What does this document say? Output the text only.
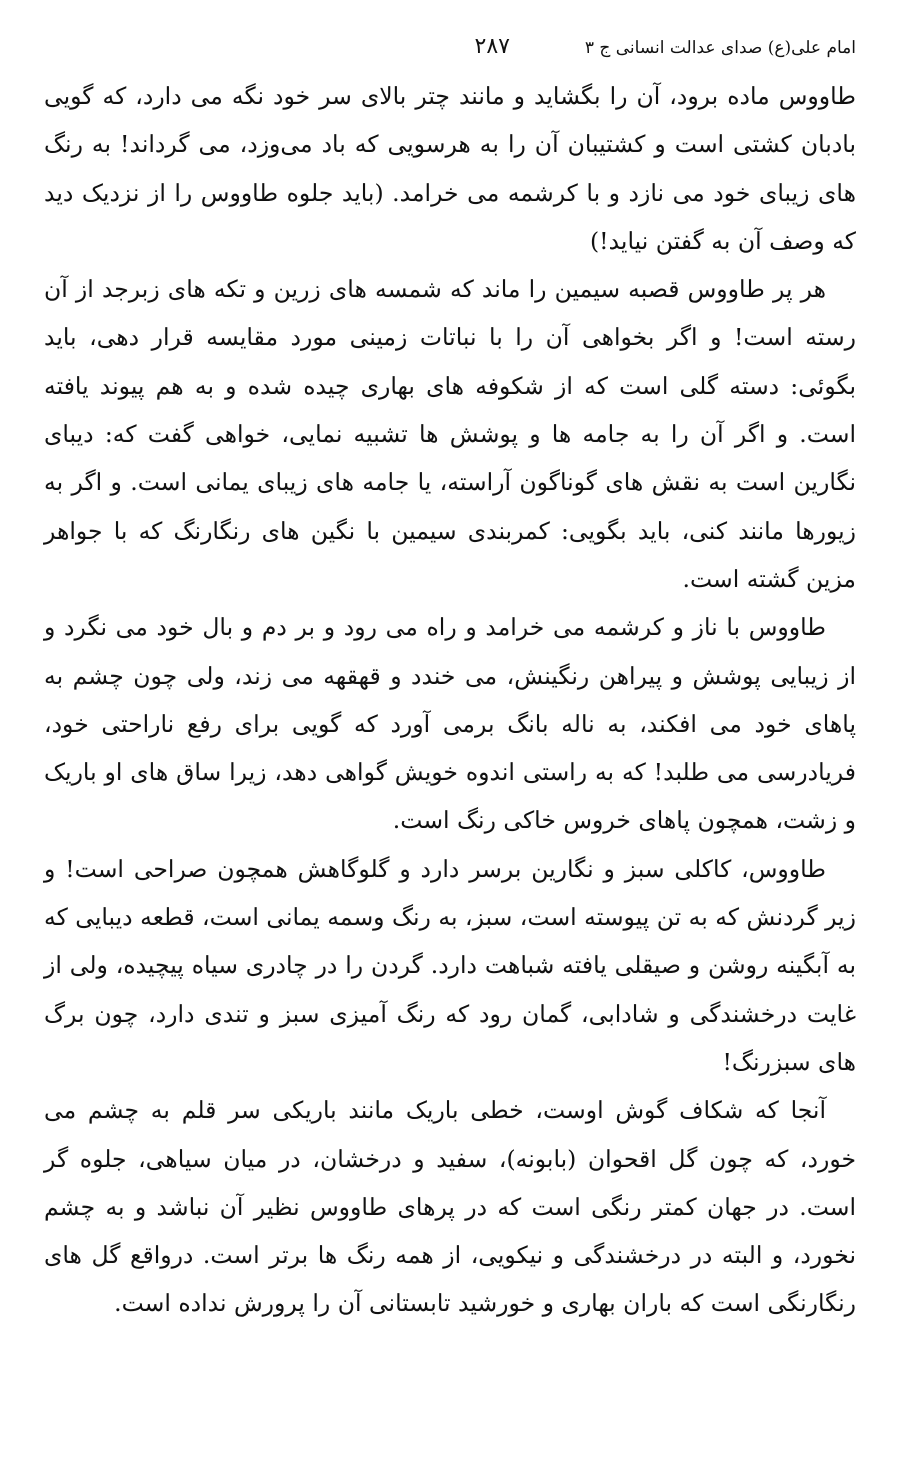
امام علی(ع) صدای عدالت انسانی ج ۳
۲۸۷

طاووس ماده برود، آن را بگشاید و مانند چتر بالای سر خود نگه می دارد، که گویی بادبان کشتی است و کشتیبان آن را به هرسویی که باد می‌وزد، می گرداند! به رنگ های زیبای خود می نازد و با کرشمه می خرامد. (باید جلوه طاووس را از نزدیک دید که وصف آن به گفتن نیاید!)

هر پر طاووس قصبه سیمین را ماند که شمسه های زرین و تکه های زبرجد از آن رسته است! و اگر بخواهی آن را با نباتات زمینی مورد مقایسه قرار دهی، باید بگوئی: دسته گلی است که از شکوفه های بهاری چیده شده و به هم پیوند یافته است. و اگر آن را به جامه ها و پوشش ها تشبیه نمایی، خواهی گفت که: دیبای نگارین است به نقش های گوناگون آراسته، یا جامه های زیبای یمانی است. و اگر به زیورها مانند کنی، باید بگویی: کمربندی سیمین با نگین های رنگارنگ که با جواهر مزین گشته است.

طاووس با ناز و کرشمه می خرامد و راه می رود و بر دم و بال خود می نگرد و از زیبایی پوشش و پیراهن رنگینش، می خندد و قهقهه می زند، ولی چون چشم به پاهای خود می افکند، به ناله بانگ برمی آورد که گویی برای رفع ناراحتی خود، فریادرسی می طلبد! که به راستی اندوه خویش گواهی دهد، زیرا ساق های او باریک و زشت، همچون پاهای خروس خاکی رنگ است.

طاووس، کاکلی سبز و نگارین برسر دارد و گلوگاهش همچون صراحی است! و زیر گردنش که به تن پیوسته است، سبز، به رنگ وسمه یمانی است، قطعه دیبایی که به آبگینه روشن و صیقلی یافته شباهت دارد. گردن را در چادری سیاه پیچیده، ولی از غایت درخشندگی و شادابی، گمان رود که رنگ آمیزی سبز و تندی دارد، چون برگ های سبزرنگ!

آنجا که شکاف گوش اوست، خطی باریک مانند باریکی سر قلم به چشم می خورد، که چون گل اقحوان (بابونه)، سفید و درخشان، در میان سیاهی، جلوه گر است. در جهان کمتر رنگی است که در پرهای طاووس نظیر آن نباشد و به چشم نخورد، و البته در درخشندگی و نیکویی، از همه رنگ ها برتر است. درواقع گل های رنگارنگی است که باران بهاری و خورشید تابستانی آن را پرورش نداده است.
